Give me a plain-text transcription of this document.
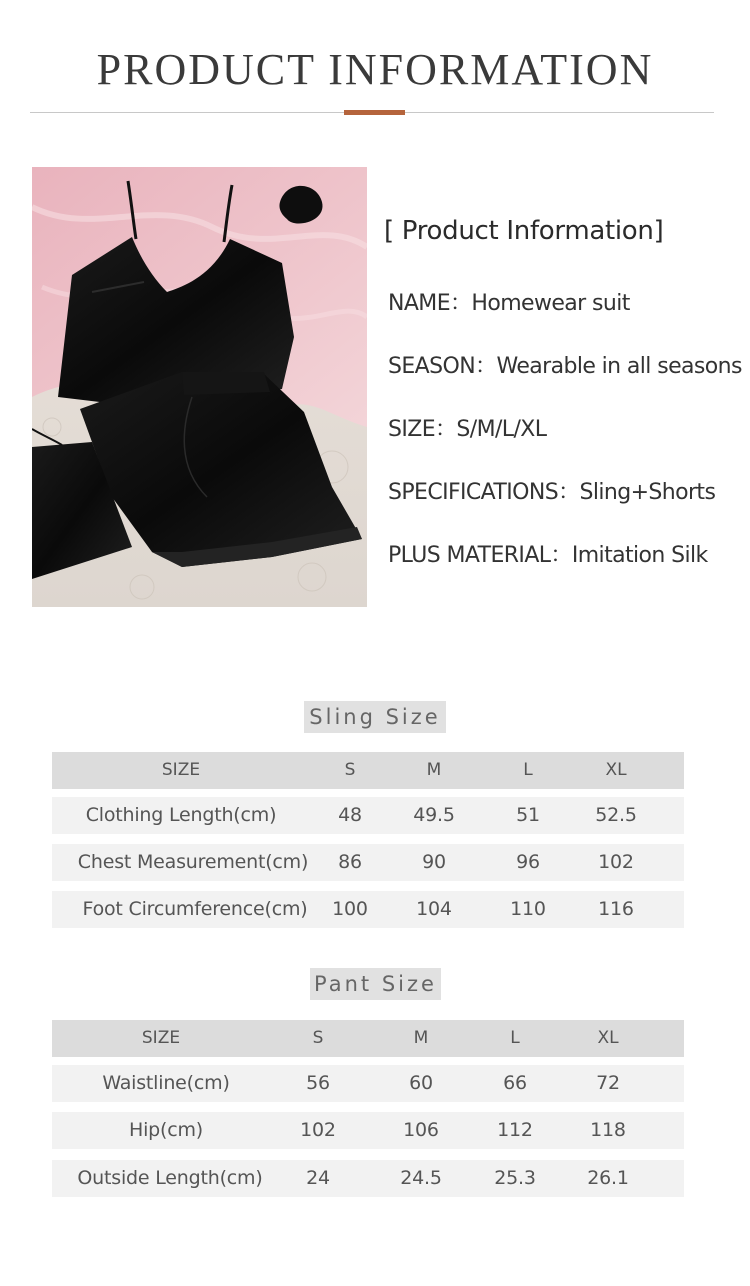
PRODUCT INFORMATION
[ Product Information]
NAME：Homewear suit
SEASON：Wearable in all seasons
SIZE：S/M/L/XL
SPECIFICATIONS：Sling+Shorts
PLUS MATERIAL：Imitation Silk
Sling Size
SIZE	S	M	L	XL
Clothing Length(cm)	48	49.5	51	52.5
Chest Measurement(cm)	86	90	96	102
Foot Circumference(cm)	100	104	110	116
Pant Size
SIZE	S	M	L	XL
Waistline(cm)	56	60	66	72
Hip(cm)	102	106	112	118
Outside Length(cm)	24	24.5	25.3	26.1
